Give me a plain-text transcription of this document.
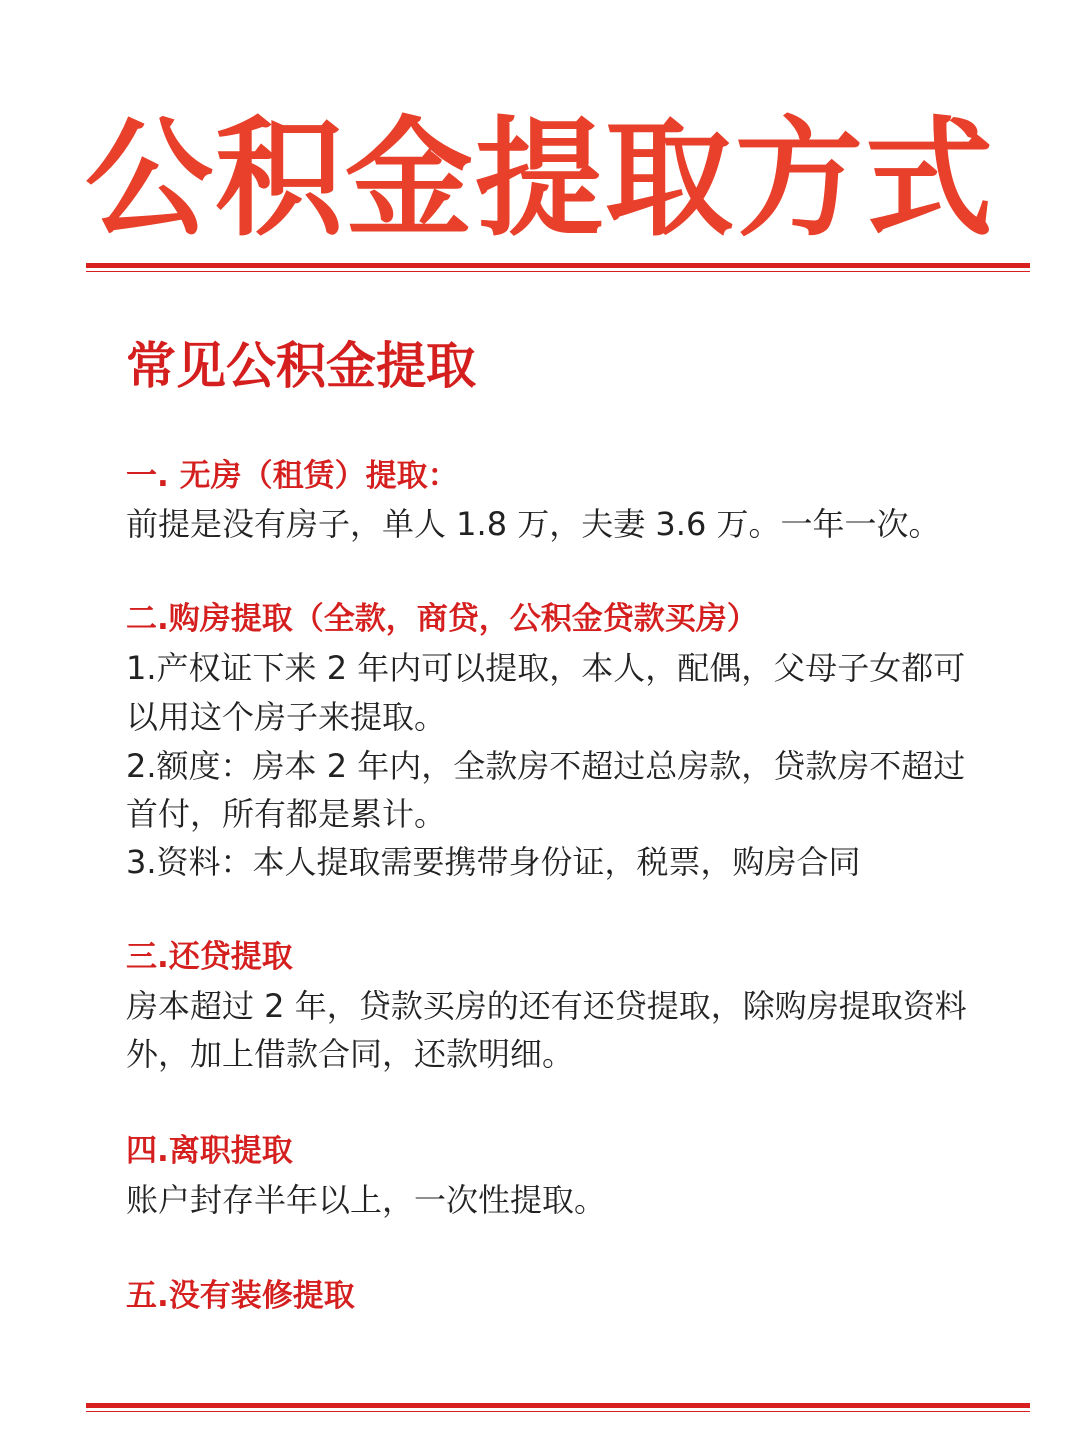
公积金提取方式
常见公积金提取
一. 无房（租赁）提取：
前提是没有房子，单人 1.8 万，夫妻 3.6 万。一年一次。
二.购房提取（全款，商贷，公积金贷款买房）
1.产权证下来 2 年内可以提取，本人，配偶，父母子女都可
以用这个房子来提取。
2.额度：房本 2 年内，全款房不超过总房款，贷款房不超过
首付，所有都是累计。
3.资料：本人提取需要携带身份证，税票，购房合同
三.还贷提取
房本超过 2 年，贷款买房的还有还贷提取，除购房提取资料
外，加上借款合同，还款明细。
四.离职提取
账户封存半年以上，一次性提取。
五.没有装修提取
